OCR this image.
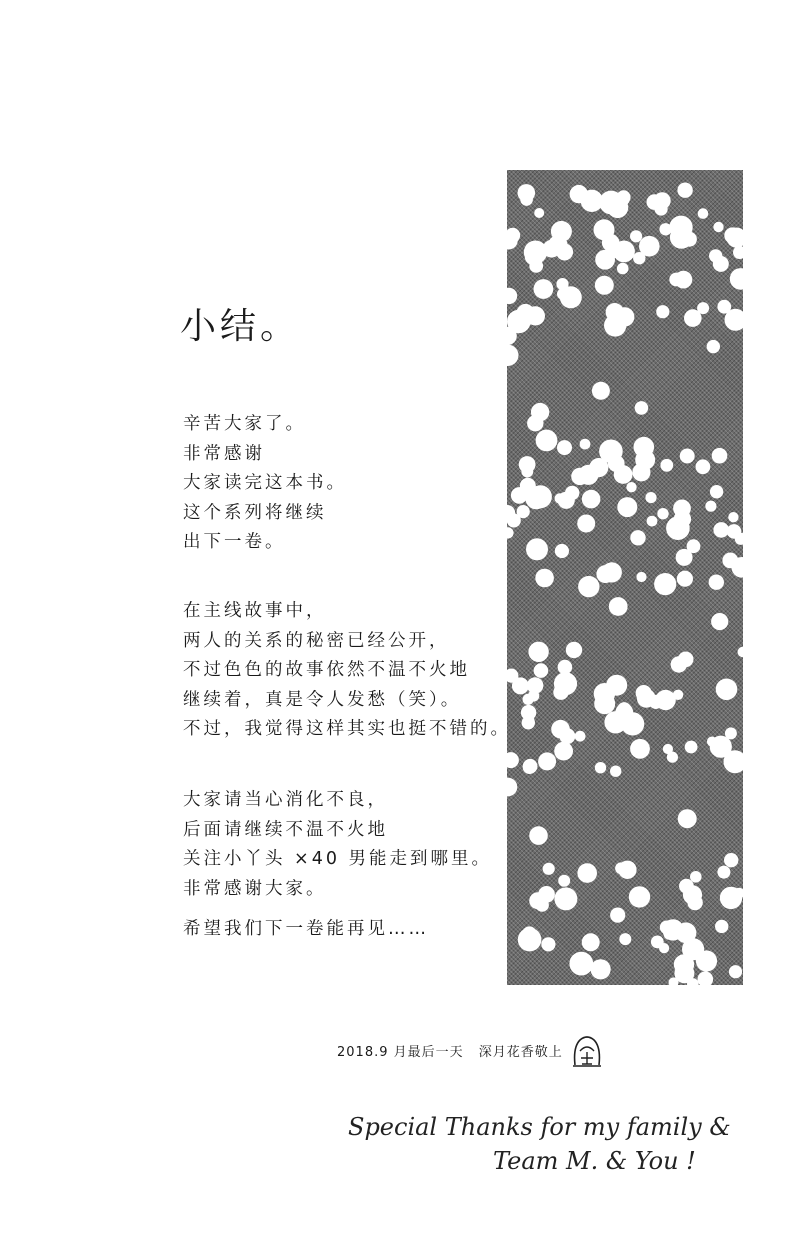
小结。
辛苦大家了。
非常感谢
大家读完这本书。
这个系列将继续
出下一卷。
在主线故事中，
两人的关系的秘密已经公开，
不过色色的故事依然不温不火地
继续着，真是令人发愁（笑）。
不过，我觉得这样其实也挺不错的。
大家请当心消化不良，
后面请继续不温不火地
关注小丫头 ×40 男能走到哪里。
非常感谢大家。
希望我们下一卷能再见……
2018.9 月最后一天 深月花香敬上
Special Thanks for my family &
Team M. & You !
